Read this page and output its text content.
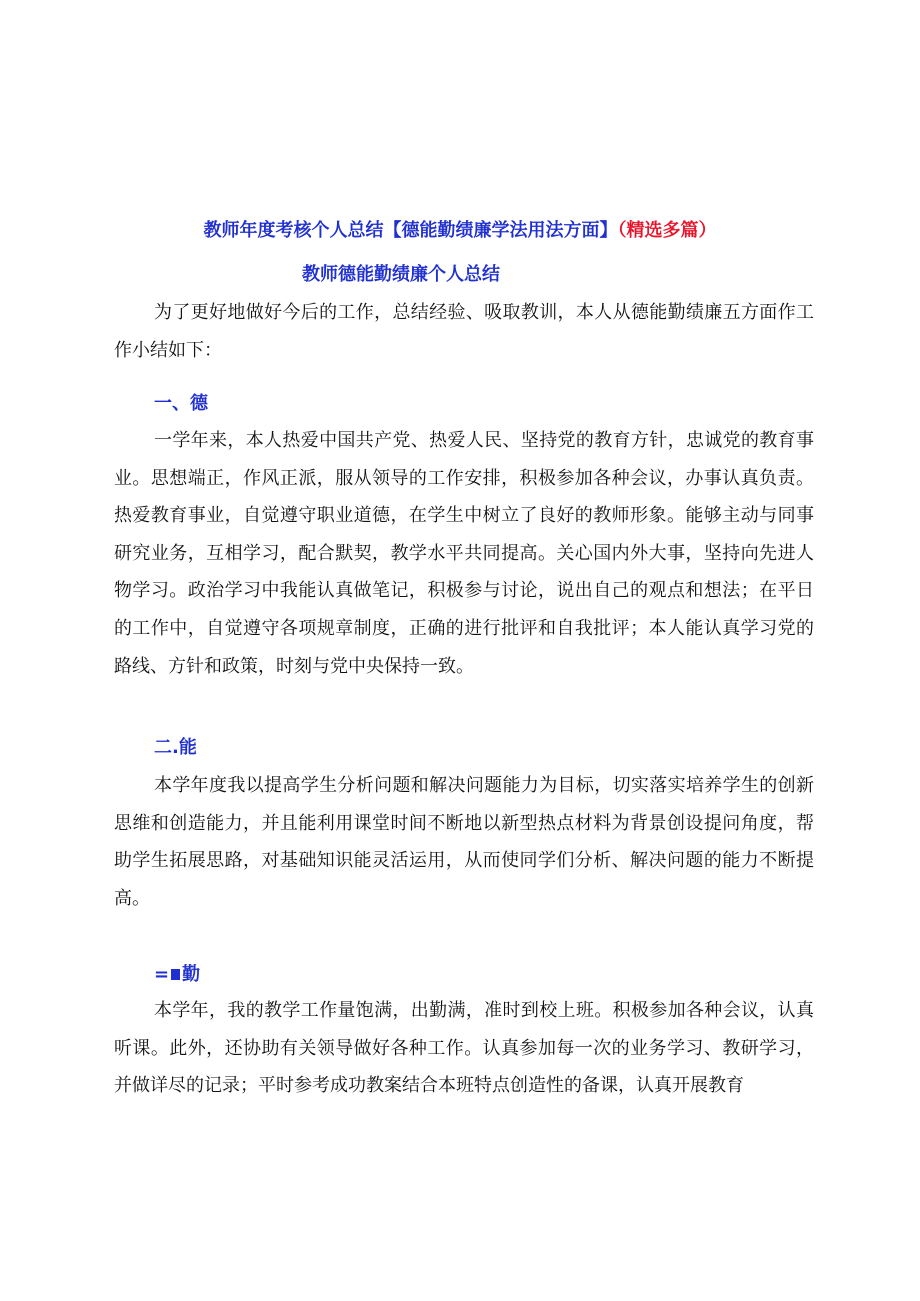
教师年度考核个人总结【德能勤绩廉学法用法方面】（精选多篇）
教师德能勤绩廉个人总结

为了更好地做好今后的工作，总结经验、吸取教训，本人从德能勤绩廉五方面作工作小结如下：

一、德

一学年来，本人热爱中国共产党、热爱人民、坚持党的教育方针，忠诚党的教育事业。思想端正，作风正派，服从领导的工作安排，积极参加各种会议，办事认真负责。热爱教育事业，自觉遵守职业道德，在学生中树立了良好的教师形象。能够主动与同事研究业务，互相学习，配合默契，教学水平共同提高。关心国内外大事，坚持向先进人物学习。政治学习中我能认真做笔记，积极参与讨论，说出自己的观点和想法；在平日的工作中，自觉遵守各项规章制度，正确的进行批评和自我批评；本人能认真学习党的路线、方针和政策，时刻与党中央保持一致。

二.能

本学年度我以提高学生分析问题和解决问题能力为目标，切实落实培养学生的创新思维和创造能力，并且能利用课堂时间不断地以新型热点材料为背景创设提问角度，帮助学生拓展思路，对基础知识能灵活运用，从而使同学们分析、解决问题的能力不断提高。

= 勤

本学年，我的教学工作量饱满，出勤满，准时到校上班。积极参加各种会议，认真听课。此外，还协助有关领导做好各种工作。认真参加每一次的业务学习、教研学习，并做详尽的记录；平时参考成功教案结合本班特点创造性的备课，认真开展教育
